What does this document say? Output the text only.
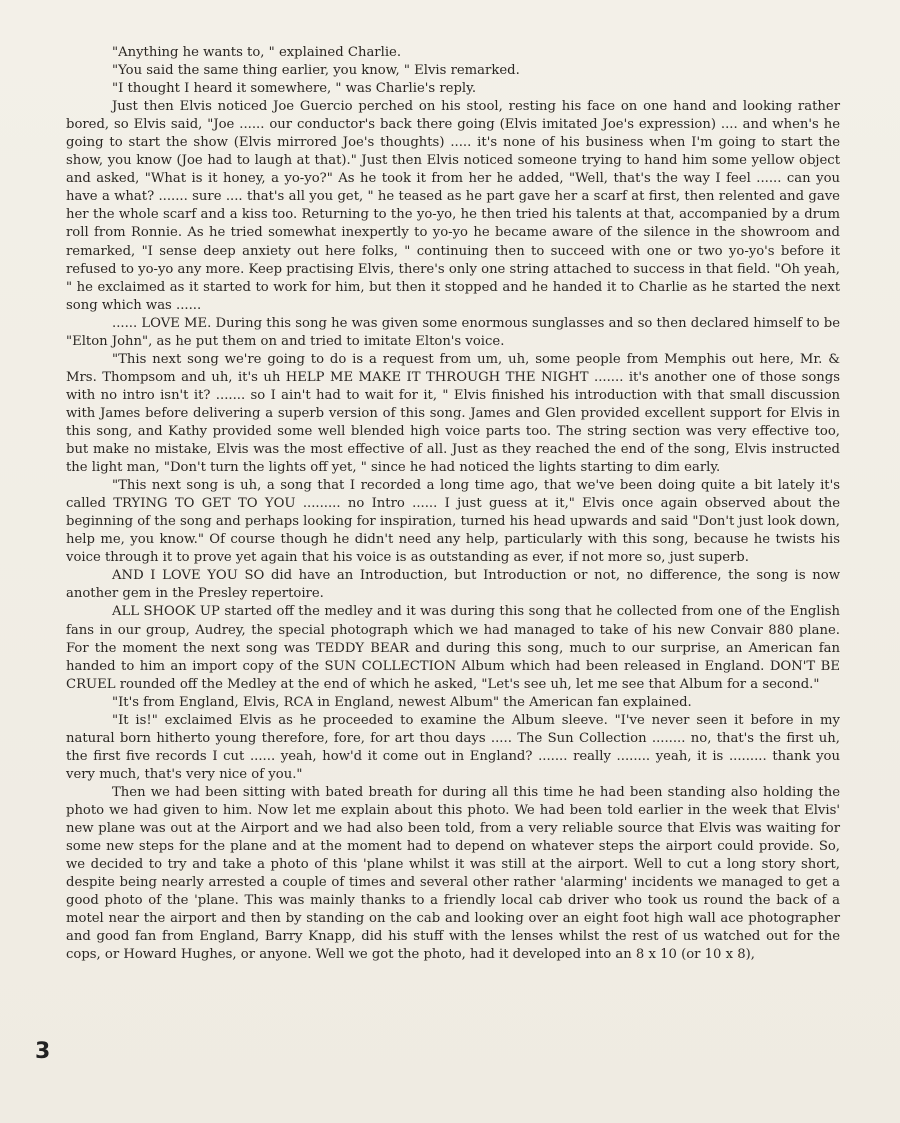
"Anything he wants to, " explained Charlie.

"You said the same thing earlier, you know, " Elvis remarked.

"I thought I heard it somewhere, " was Charlie's reply.

Just then Elvis noticed Joe Guercio perched on his stool, resting his face on one hand and looking rather bored, so Elvis said, "Joe ...... our conductor's back there going (Elvis imitated Joe's expression) .... and when's he going to start the show (Elvis mirrored Joe's thoughts) ..... it's none of his business when I'm going to start the show, you know (Joe had to laugh at that)." Just then Elvis noticed someone trying to hand him some yellow object and asked, "What is it honey, a yo-yo?" As he took it from her he added, "Well, that's the way I feel ...... can you have a what? ....... sure .... that's all you get, " he teased as he part gave her a scarf at first, then relented and gave her the whole scarf and a kiss too. Returning to the yo-yo, he then tried his talents at that, accompanied by a drum roll from Ronnie. As he tried somewhat inexpertly to yo-yo he became aware of the silence in the showroom and remarked, "I sense deep anxiety out here folks, " continuing then to succeed with one or two yo-yo's before it refused to yo-yo any more. Keep practising Elvis, there's only one string attached to success in that field. "Oh yeah, " he exclaimed as it started to work for him, but then it stopped and he handed it to Charlie as he started the next song which was ......

...... LOVE ME. During this song he was given some enormous sunglasses and so then declared himself to be "Elton John", as he put them on and tried to imitate Elton's voice.

"This next song we're going to do is a request from um, uh, some people from Memphis out here, Mr. & Mrs. Thompsom and uh, it's uh HELP ME MAKE IT THROUGH THE NIGHT ....... it's another one of those songs with no intro isn't it? ....... so I ain't had to wait for it, " Elvis finished his introduction with that small discussion with James before delivering a superb version of this song. James and Glen provided excellent support for Elvis in this song, and Kathy provided some well blended high voice parts too. The string section was very effective too, but make no mistake, Elvis was the most effective of all. Just as they reached the end of the song, Elvis instructed the light man, "Don't turn the lights off yet, " since he had noticed the lights starting to dim early.

"This next song is uh, a song that I recorded a long time ago, that we've been doing quite a bit lately it's called TRYING TO GET TO YOU ......... no Intro ...... I just guess at it," Elvis once again observed about the beginning of the song and perhaps looking for inspiration, turned his head upwards and said "Don't just look down, help me, you know." Of course though he didn't need any help, particularly with this song, because he twists his voice through it to prove yet again that his voice is as outstanding as ever, if not more so, just superb.

AND I LOVE YOU SO did have an Introduction, but Introduction or not, no difference, the song is now another gem in the Presley repertoire.

ALL SHOOK UP started off the medley and it was during this song that he collected from one of the English fans in our group, Audrey, the special photograph which we had managed to take of his new Convair 880 plane. For the moment the next song was TEDDY BEAR and during this song, much to our surprise, an American fan handed to him an import copy of the SUN COLLECTION Album which had been released in England. DON'T BE CRUEL rounded off the Medley at the end of which he asked, "Let's see uh, let me see that Album for a second."

"It's from England, Elvis, RCA in England, newest Album" the American fan explained.

"It is!" exclaimed Elvis as he proceeded to examine the Album sleeve. "I've never seen it before in my natural born hitherto young therefore, fore, for art thou days ..... The Sun Collection ........ no, that's the first uh, the first five records I cut ...... yeah, how'd it come out in England? ....... really ........ yeah, it is ......... thank you very much, that's very nice of you."

Then we had been sitting with bated breath for during all this time he had been standing also holding the photo we had given to him. Now let me explain about this photo. We had been told earlier in the week that Elvis' new plane was out at the Airport and we had also been told, from a very reliable source that Elvis was waiting for some new steps for the plane and at the moment had to depend on whatever steps the airport could provide. So, we decided to try and take a photo of this 'plane whilst it was still at the airport. Well to cut a long story short, despite being nearly arrested a couple of times and several other rather 'alarming' incidents we managed to get a good photo of the 'plane. This was mainly thanks to a friendly local cab driver who took us round the back of a motel near the airport and then by standing on the cab and looking over an eight foot high wall ace photographer and good fan from England, Barry Knapp, did his stuff with the lenses whilst the rest of us watched out for the cops, or Howard Hughes, or anyone. Well we got the photo, had it developed into an 8 x 10 (or 10 x 8),

3
